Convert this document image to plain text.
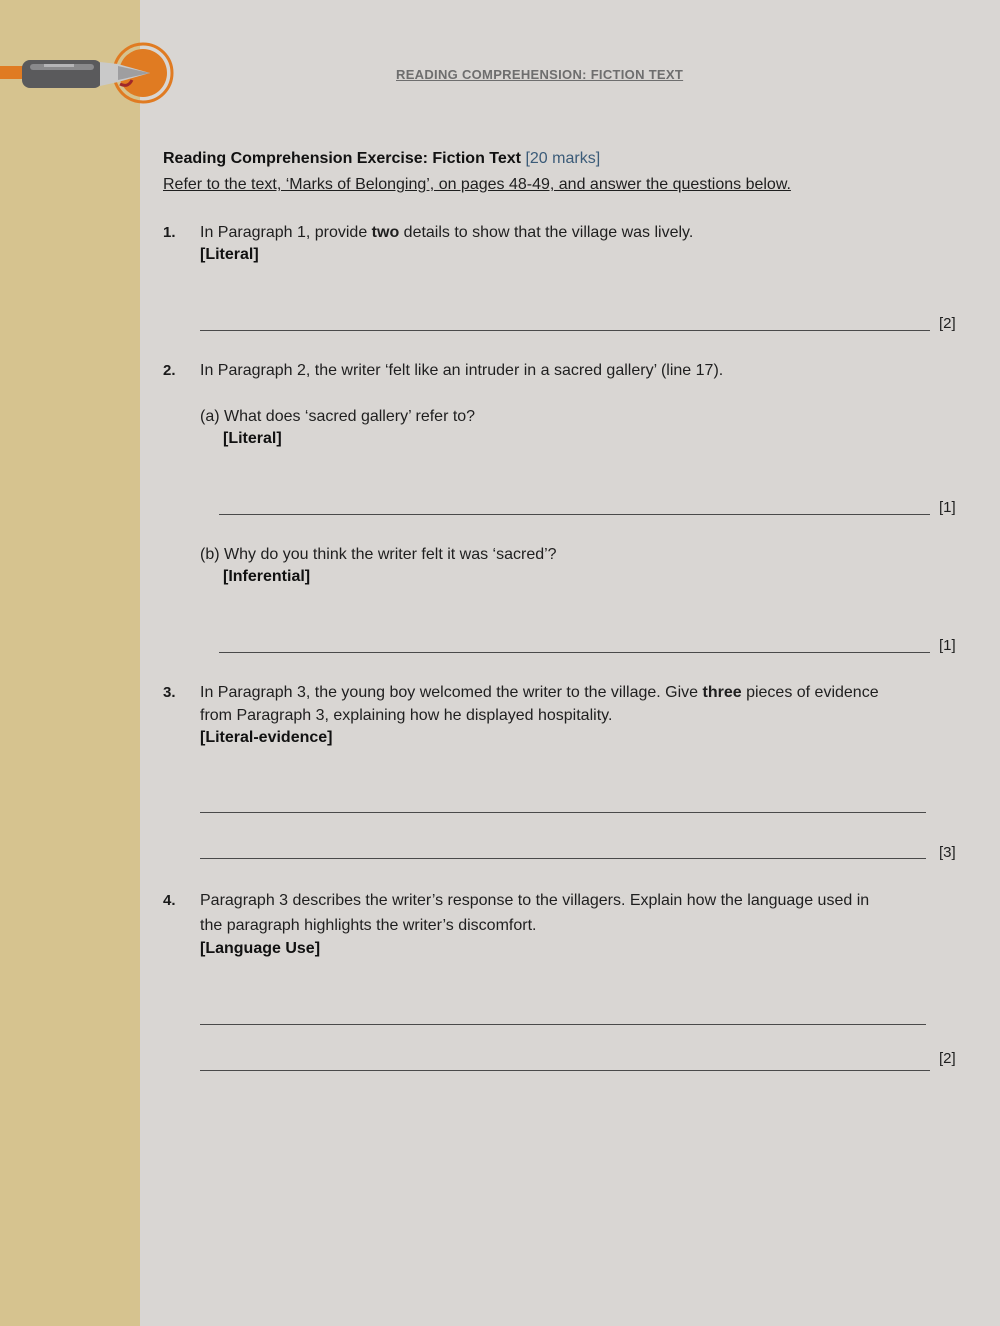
READING COMPREHENSION: FICTION TEXT
Reading Comprehension Exercise: Fiction Text [20 marks]
Refer to the text, ‘Marks of Belonging’, on pages 48-49, and answer the questions below.
1. In Paragraph 1, provide two details to show that the village was lively.
[Literal]
[2]
2. In Paragraph 2, the writer ‘felt like an intruder in a sacred gallery’ (line 17).
(a) What does ‘sacred gallery’ refer to?
[Literal]
[1]
(b) Why do you think the writer felt it was ‘sacred’?
[Inferential]
[1]
3. In Paragraph 3, the young boy welcomed the writer to the village. Give three pieces of evidence
from Paragraph 3, explaining how he displayed hospitality.
[Literal-evidence]
[3]
4. Paragraph 3 describes the writer’s response to the villagers. Explain how the language used in
the paragraph highlights the writer’s discomfort.
[Language Use]
[2]
